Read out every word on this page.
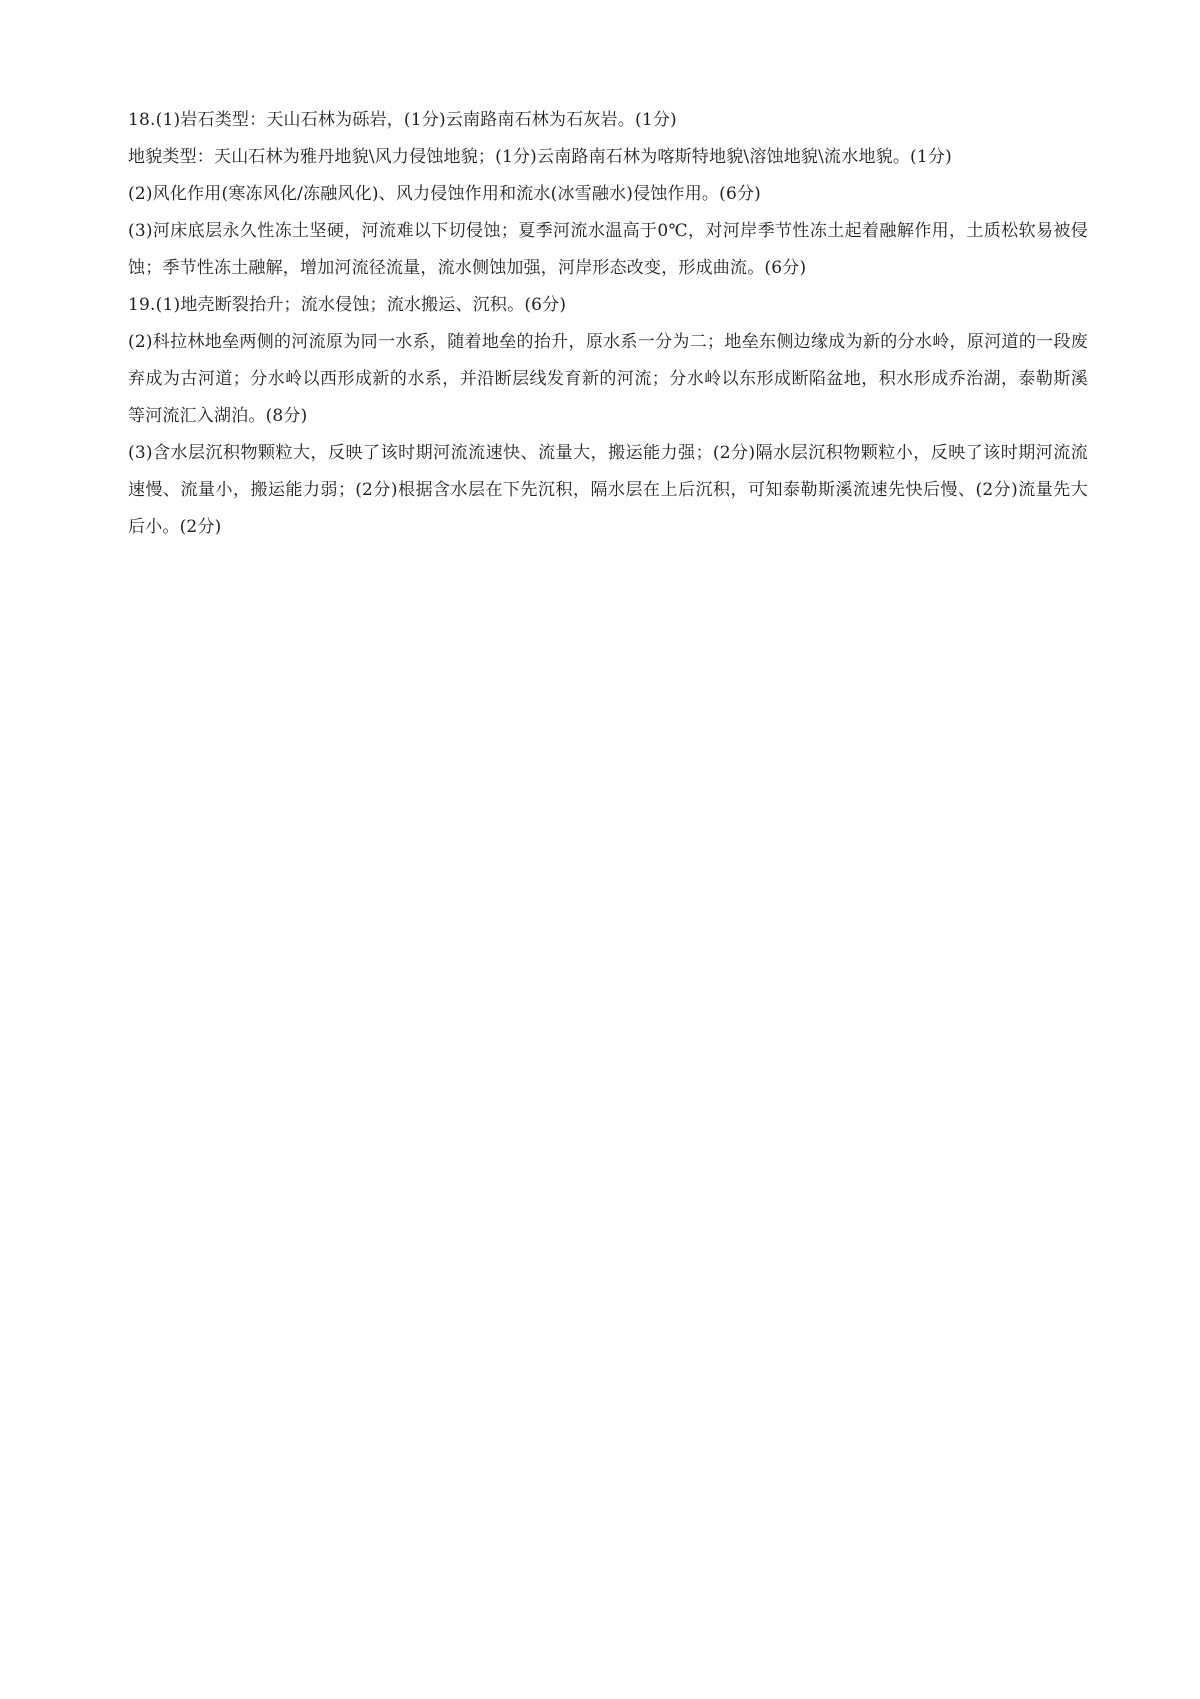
18.(1)岩石类型：天山石林为砾岩，(1分)云南路南石林为石灰岩。(1分)

地貌类型：天山石林为雅丹地貌\风力侵蚀地貌；(1分)云南路南石林为喀斯特地貌\溶蚀地貌\流水地貌。(1分)

(2)风化作用(寒冻风化/冻融风化)、风力侵蚀作用和流水(冰雪融水)侵蚀作用。(6分)

(3)河床底层永久性冻土坚硬，河流难以下切侵蚀；夏季河流水温高于0℃，对河岸季节性冻土起着融解作用，土质松软易被侵蚀；季节性冻土融解，增加河流径流量，流水侧蚀加强，河岸形态改变，形成曲流。(6分)

19.(1)地壳断裂抬升；流水侵蚀；流水搬运、沉积。(6分)

(2)科拉林地垒两侧的河流原为同一水系，随着地垒的抬升，原水系一分为二；地垒东侧边缘成为新的分水岭，原河道的一段废弃成为古河道；分水岭以西形成新的水系，并沿断层线发育新的河流；分水岭以东形成断陷盆地，积水形成乔治湖，泰勒斯溪等河流汇入湖泊。(8分)

(3)含水层沉积物颗粒大，反映了该时期河流流速快、流量大，搬运能力强；(2分)隔水层沉积物颗粒小，反映了该时期河流流速慢、流量小，搬运能力弱；(2分)根据含水层在下先沉积，隔水层在上后沉积，可知泰勒斯溪流速先快后慢、(2分)流量先大后小。(2分)
